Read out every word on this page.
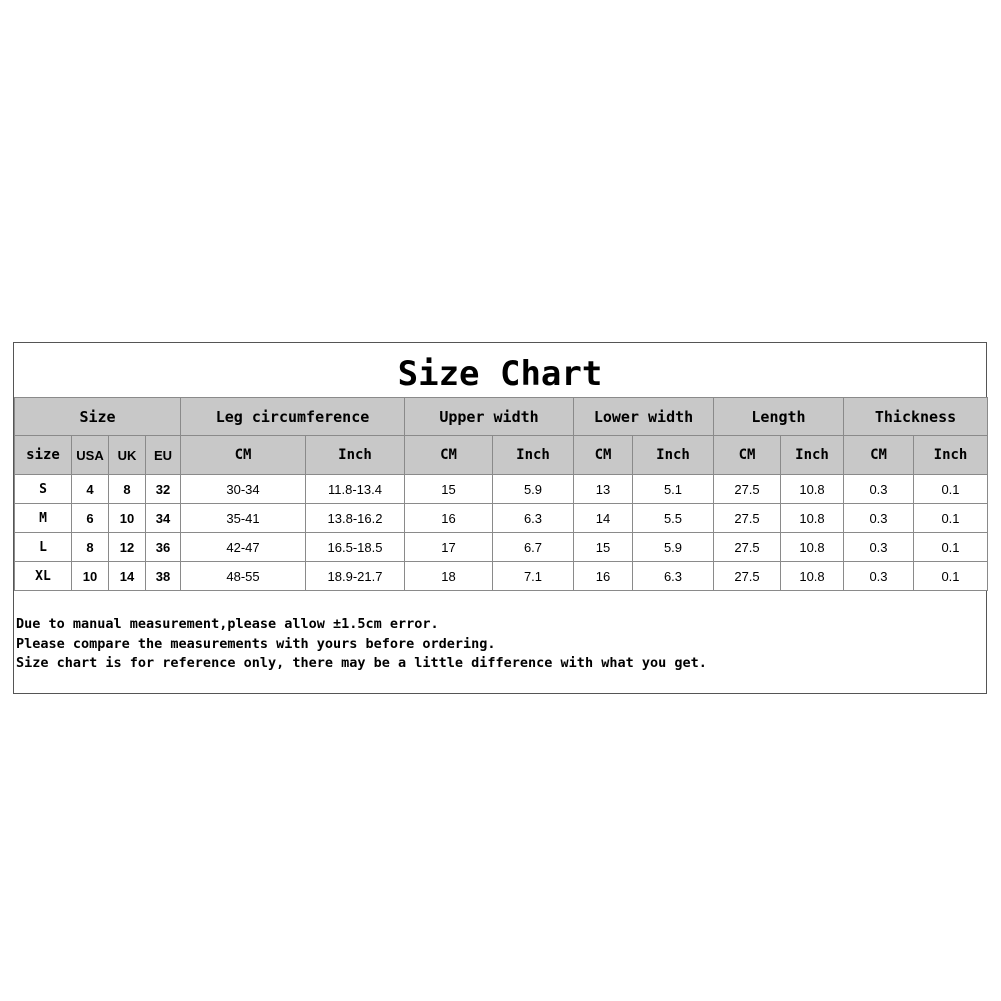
Size Chart
Size				Leg circumference		Upper width		Lower width		Length		Thickness	
size	USA	UK	EU	CM	Inch	CM	Inch	CM	Inch	CM	Inch	CM	Inch
S	4	8	32	30-34	11.8-13.4	15	5.9	13	5.1	27.5	10.8	0.3	0.1
M	6	10	34	35-41	13.8-16.2	16	6.3	14	5.5	27.5	10.8	0.3	0.1
L	8	12	36	42-47	16.5-18.5	17	6.7	15	5.9	27.5	10.8	0.3	0.1
XL	10	14	38	48-55	18.9-21.7	18	7.1	16	6.3	27.5	10.8	0.3	0.1
Due to manual measurement,please allow ±1.5cm error.
Please compare the measurements with yours before ordering.
Size chart is for reference only, there may be a little difference with what you get.
